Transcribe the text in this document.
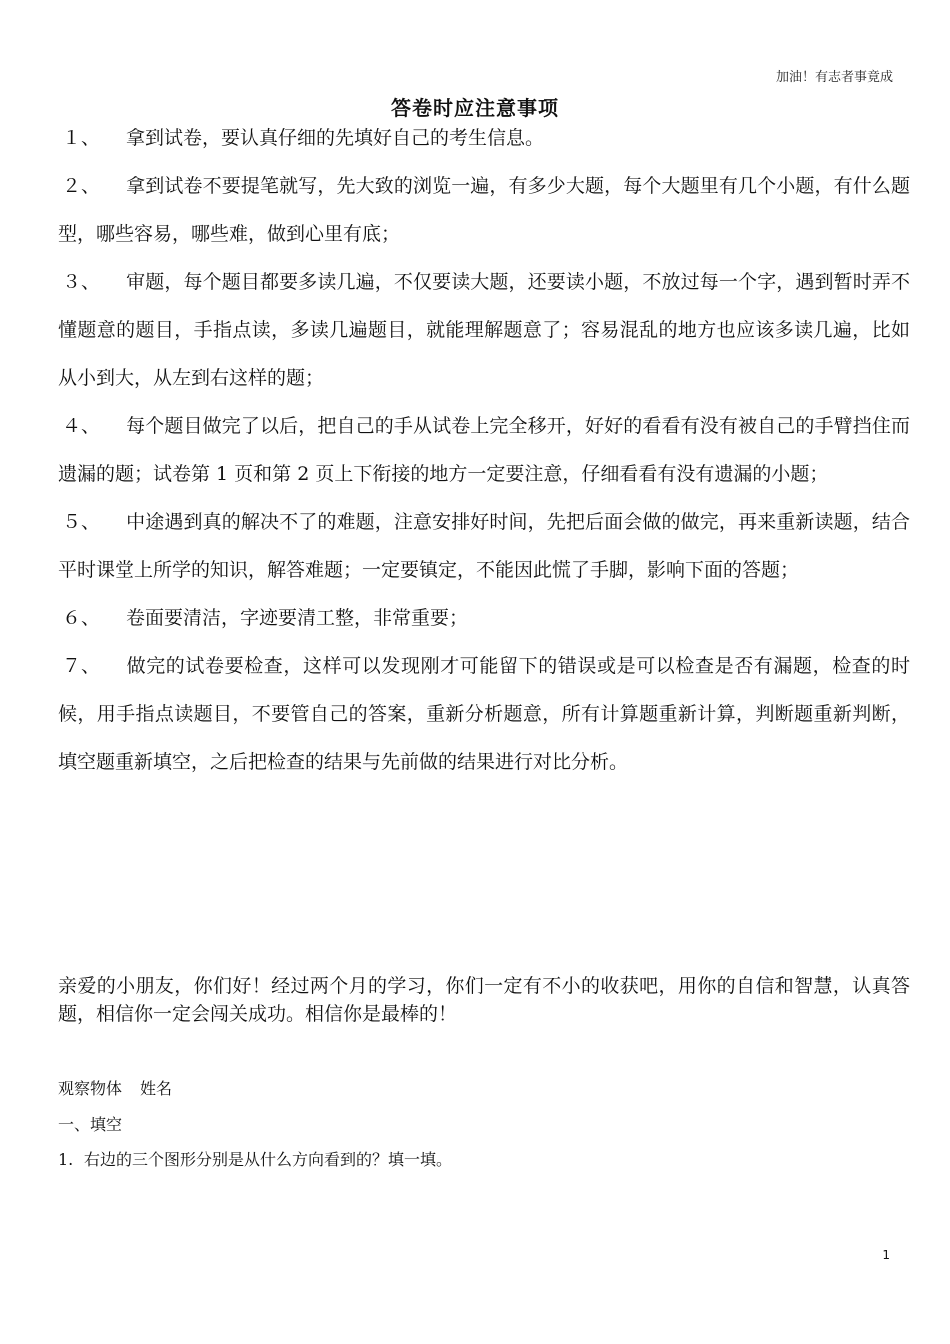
加油！有志者事竟成
答卷时应注意事项

１、 拿到试卷，要认真仔细的先填好自己的考生信息。

２、 拿到试卷不要提笔就写，先大致的浏览一遍，有多少大题，每个大题里有几个小题，有什么题型，哪些容易，哪些难，做到心里有底；

３、 审题，每个题目都要多读几遍，不仅要读大题，还要读小题，不放过每一个字，遇到暂时弄不懂题意的题目，手指点读，多读几遍题目，就能理解题意了；容易混乱的地方也应该多读几遍，比如从小到大，从左到右这样的题；

４、 每个题目做完了以后，把自己的手从试卷上完全移开，好好的看看有没有被自己的手臂挡住而遗漏的题；试卷第 1 页和第 2 页上下衔接的地方一定要注意，仔细看看有没有遗漏的小题；

５、 中途遇到真的解决不了的难题，注意安排好时间，先把后面会做的做完，再来重新读题，结合平时课堂上所学的知识，解答难题；一定要镇定，不能因此慌了手脚，影响下面的答题；

６、 卷面要清洁，字迹要清工整，非常重要；

７、 做完的试卷要检查，这样可以发现刚才可能留下的错误或是可以检查是否有漏题，检查的时候，用手指点读题目，不要管自己的答案，重新分析题意，所有计算题重新计算，判断题重新判断，填空题重新填空，之后把检查的结果与先前做的结果进行对比分析。

亲爱的小朋友，你们好！经过两个月的学习，你们一定有不小的收获吧，用你的自信和智慧，认真答题，相信你一定会闯关成功。相信你是最棒的！

观察物体 姓名

一、填空

1. 右边的三个图形分别是从什么方向看到的？填一填。

1
